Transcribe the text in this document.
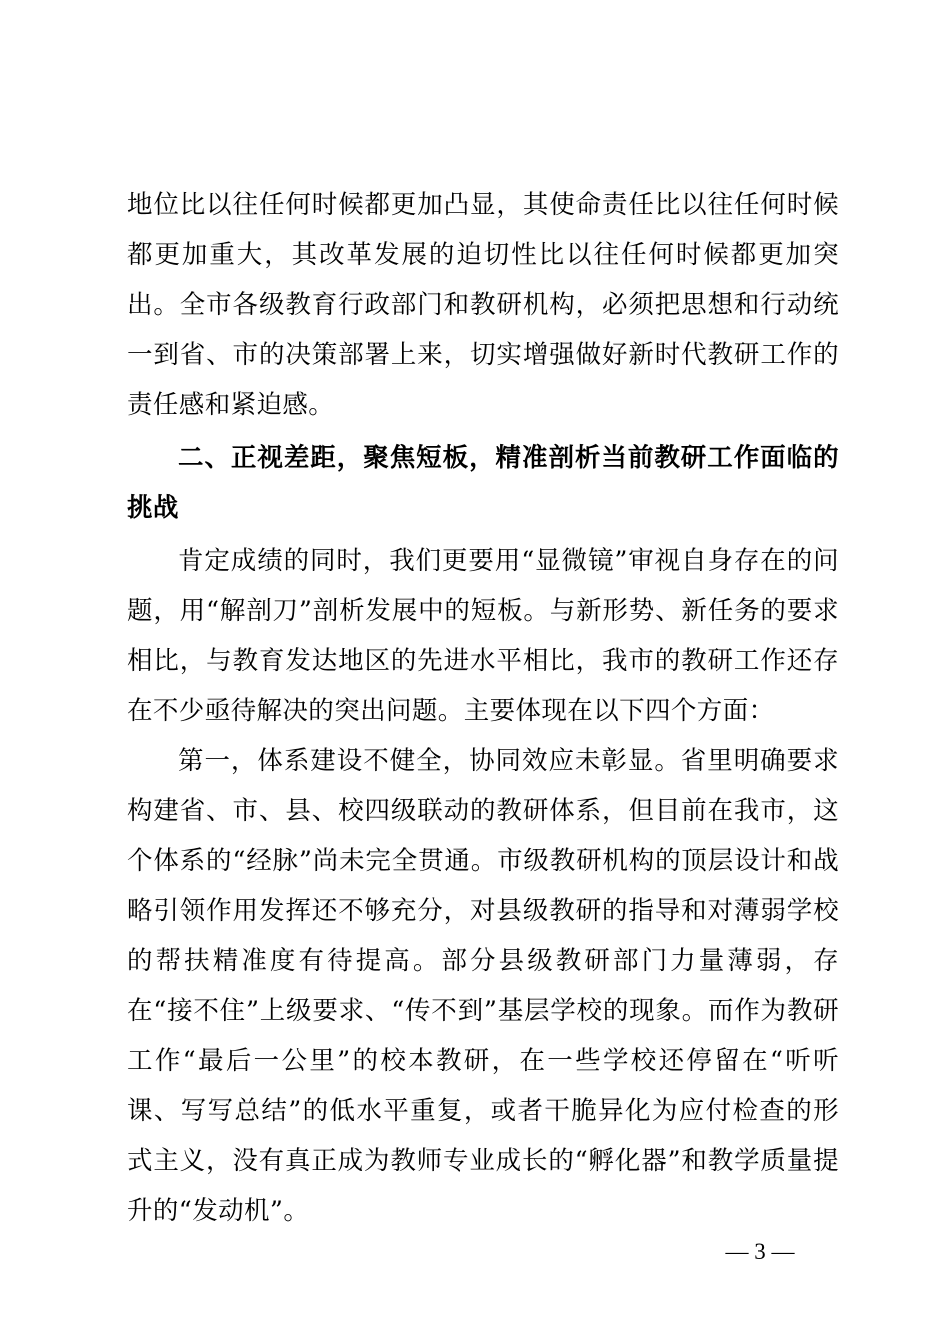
地位比以往任何时候都更加凸显，其使命责任比以往任何时候都更加重大，其改革发展的迫切性比以往任何时候都更加突出。全市各级教育行政部门和教研机构，必须把思想和行动统一到省、市的决策部署上来，切实增强做好新时代教研工作的责任感和紧迫感。

二、正视差距，聚焦短板，精准剖析当前教研工作面临的挑战

肯定成绩的同时，我们更要用“显微镜”审视自身存在的问题，用“解剖刀”剖析发展中的短板。与新形势、新任务的要求相比，与教育发达地区的先进水平相比，我市的教研工作还存在不少亟待解决的突出问题。主要体现在以下四个方面：

第一，体系建设不健全，协同效应未彰显。省里明确要求构建省、市、县、校四级联动的教研体系，但目前在我市，这个体系的“经脉”尚未完全贯通。市级教研机构的顶层设计和战略引领作用发挥还不够充分，对县级教研的指导和对薄弱学校的帮扶精准度有待提高。部分县级教研部门力量薄弱，存在“接不住”上级要求、“传不到”基层学校的现象。而作为教研工作“最后一公里”的校本教研，在一些学校还停留在“听听课、写写总结”的低水平重复，或者干脆异化为应付检查的形式主义，没有真正成为教师专业成长的“孵化器”和教学质量提升的“发动机”。

— 3 —
